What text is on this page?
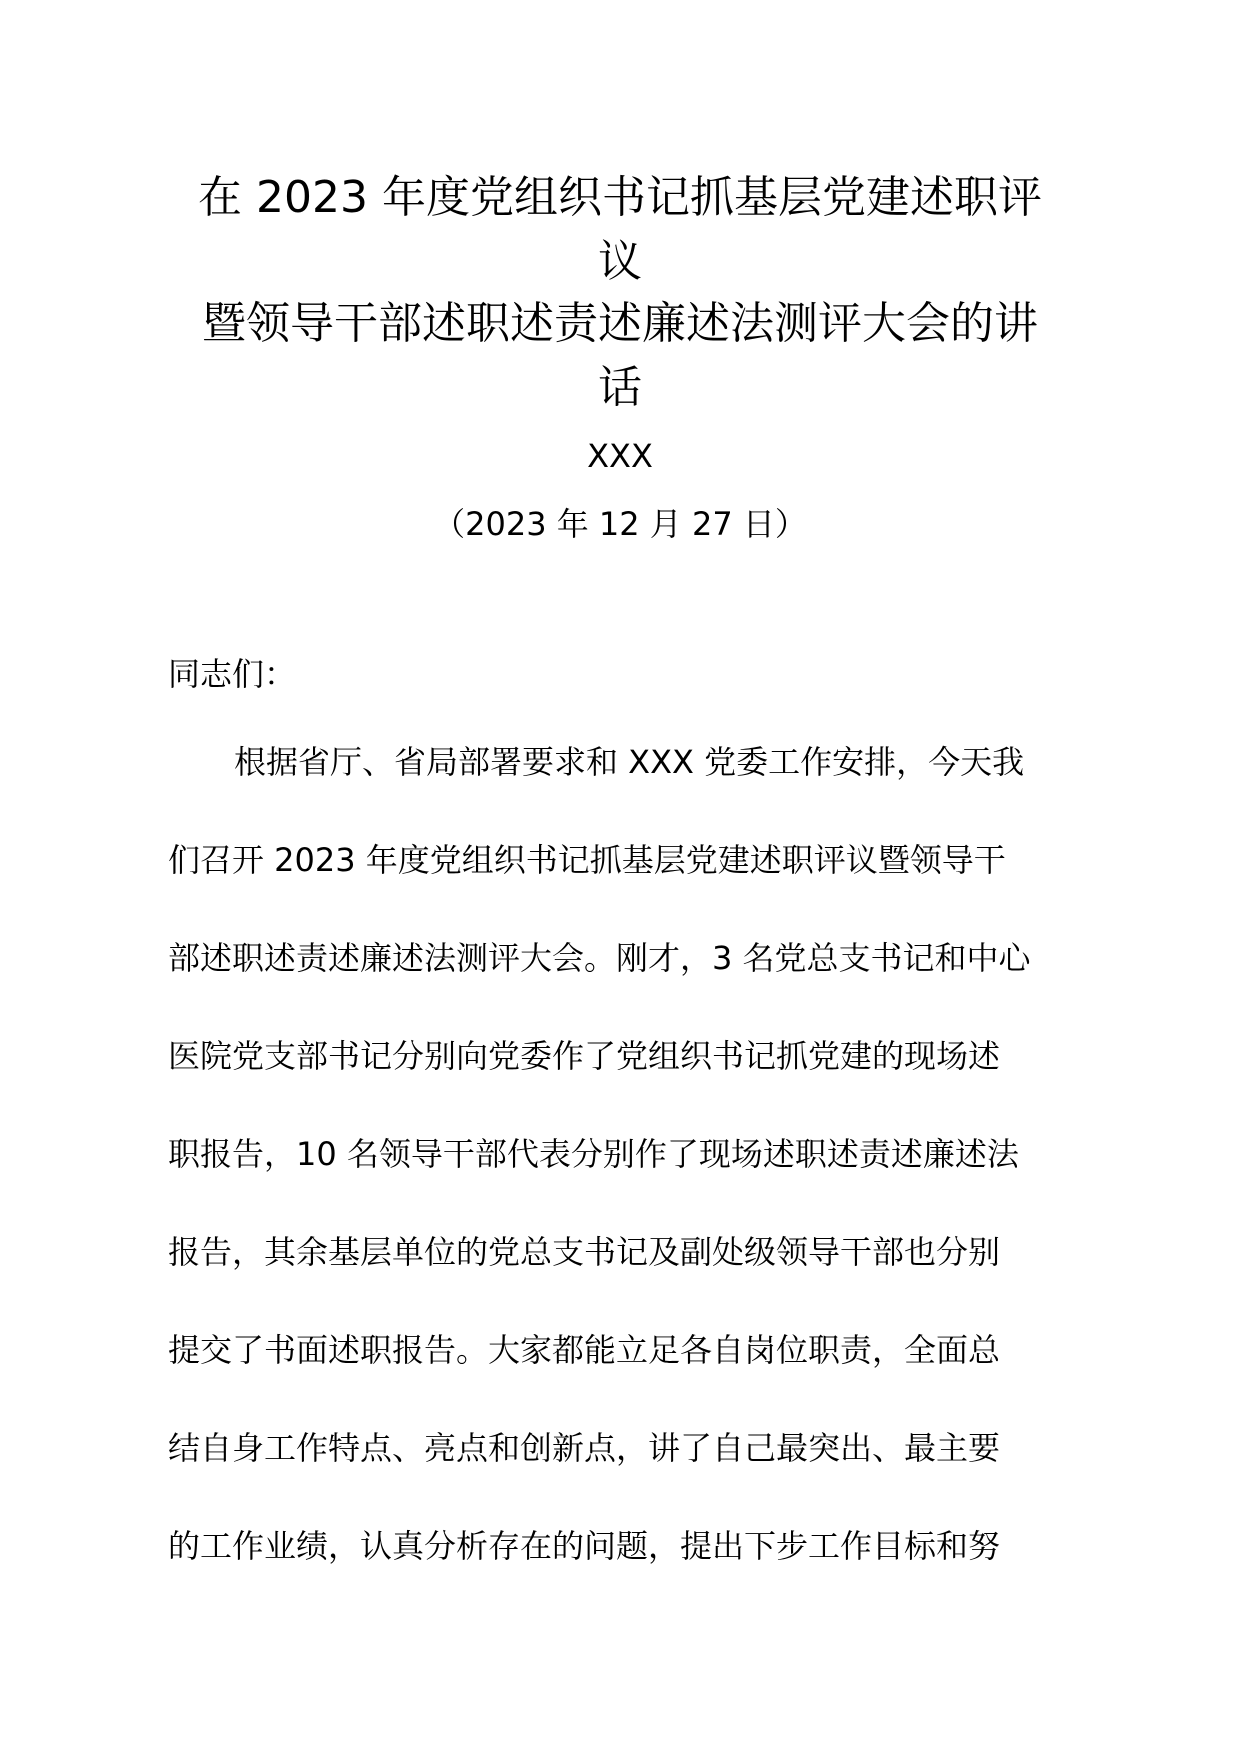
在 2023 年度党组织书记抓基层党建述职评
议
暨领导干部述职述责述廉述法测评大会的讲
话
XXX
（2023 年 12 月 27 日）
同志们：
根据省厅、省局部署要求和 XXX 党委工作安排，今天我
们召开 2023 年度党组织书记抓基层党建述职评议暨领导干
部述职述责述廉述法测评大会。刚才，3 名党总支书记和中心
医院党支部书记分别向党委作了党组织书记抓党建的现场述
职报告，10 名领导干部代表分别作了现场述职述责述廉述法
报告，其余基层单位的党总支书记及副处级领导干部也分别
提交了书面述职报告。大家都能立足各自岗位职责，全面总
结自身工作特点、亮点和创新点，讲了自己最突出、最主要
的工作业绩，认真分析存在的问题，提出下步工作目标和努
